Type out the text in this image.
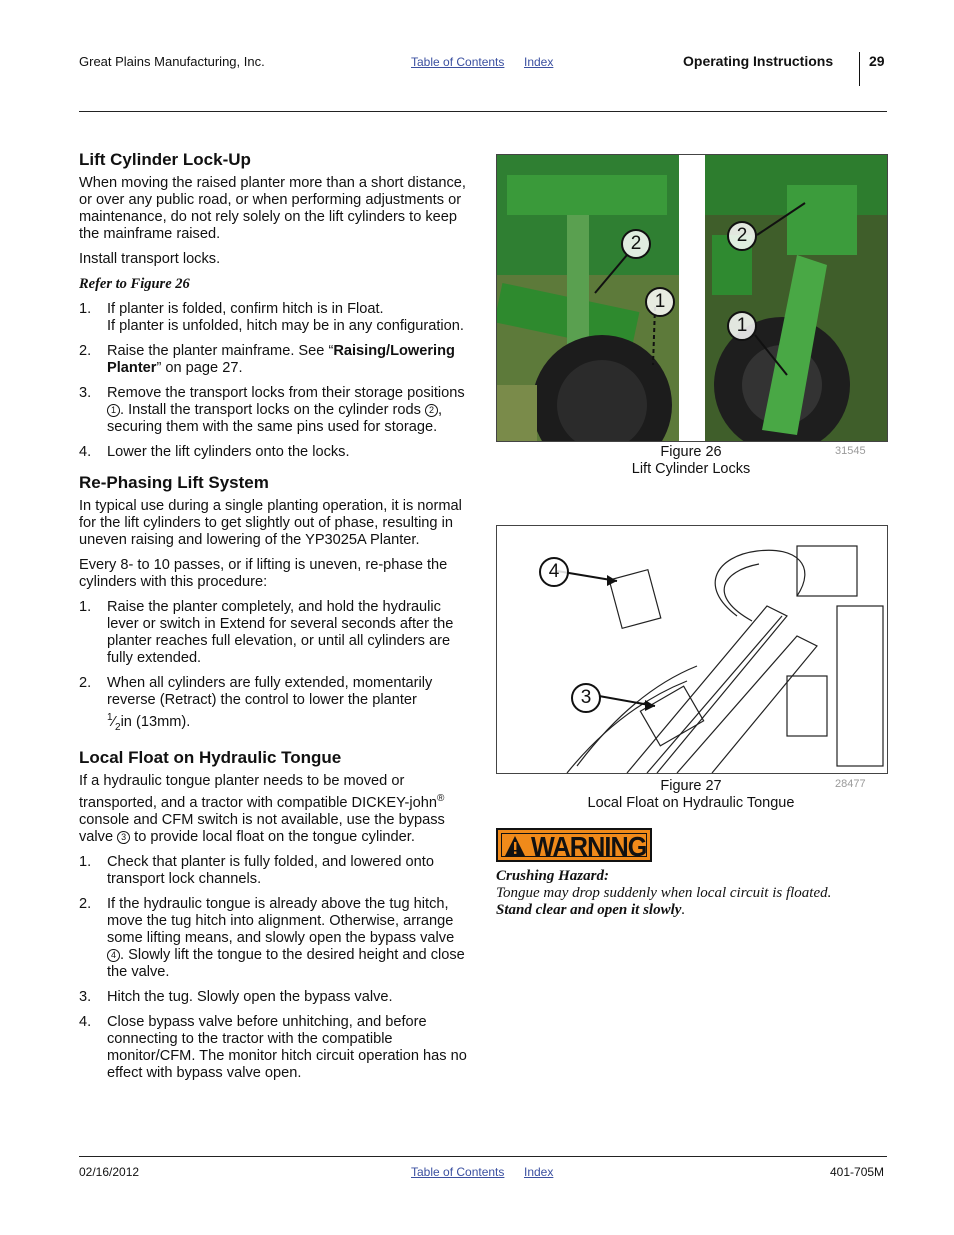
Great Plains Manufacturing, Inc.	Table of Contents Index	Operating Instructions	29
Lift Cylinder Lock-Up

When moving the raised planter more than a short distance, or over any public road, or when performing adjustments or maintenance, do not rely solely on the lift cylinders to keep the mainframe raised.

Install transport locks.

Refer to Figure 26

1. If planter is folded, confirm hitch is in Float.
If planter is unfolded, hitch may be in any configuration.
2. Raise the planter mainframe. See “Raising/Lowering Planter” on page 27.
3. Remove the transport locks from their storage positions 1 . Install the transport locks on the cylinder rods 2 , securing them with the same pins used for storage.
4. Lower the lift cylinders onto the locks.
Re-Phasing Lift System

In typical use during a single planting operation, it is normal for the lift cylinders to get slightly out of phase, resulting in uneven raising and lowering of the YP3025A Planter.

Every 8- to 10 passes, or if lifting is uneven, re-phase the cylinders with this procedure:

1. Raise the planter completely, and hold the hydraulic lever or switch in Extend for several seconds after the planter reaches full elevation, or until all cylinders are fully extended.
2. When all cylinders are fully extended, momentarily reverse (Retract) the control to lower the planter
$^1⁄_2in$ (13mm).
Local Float on Hydraulic Tongue

If a hydraulic tongue planter needs to be moved or transported, and a tractor with compatible DICKEY-john® console and CFM switch is not available, use the bypass valve 3 to provide local float on the tongue cylinder.

1. Check that planter is fully folded, and lowered onto transport lock channels.
2. If the hydraulic tongue is already above the tug hitch, move the tug hitch into alignment. Otherwise, arrange some lifting means, and slowly open the bypass valve 4 . Slowly lift the tongue to the desired height and close the valve.
3. Hitch the tug. Slowly open the bypass valve.
4. Close bypass valve before unhitching, and before connecting to the tractor with the compatible monitor/CFM. The monitor hitch circuit operation has no effect with bypass valve open.
2
1
2
1
Figure 26
Lift Cylinder Locks
31545
4
3
Figure 27
Local Float on Hydraulic Tongue
28477
WARNING
Crushing Hazard:
Tongue may drop suddenly when local circuit is floated.
Stand clear and open it slowly.
02/16/2012	Table of Contents Index	401-705M
